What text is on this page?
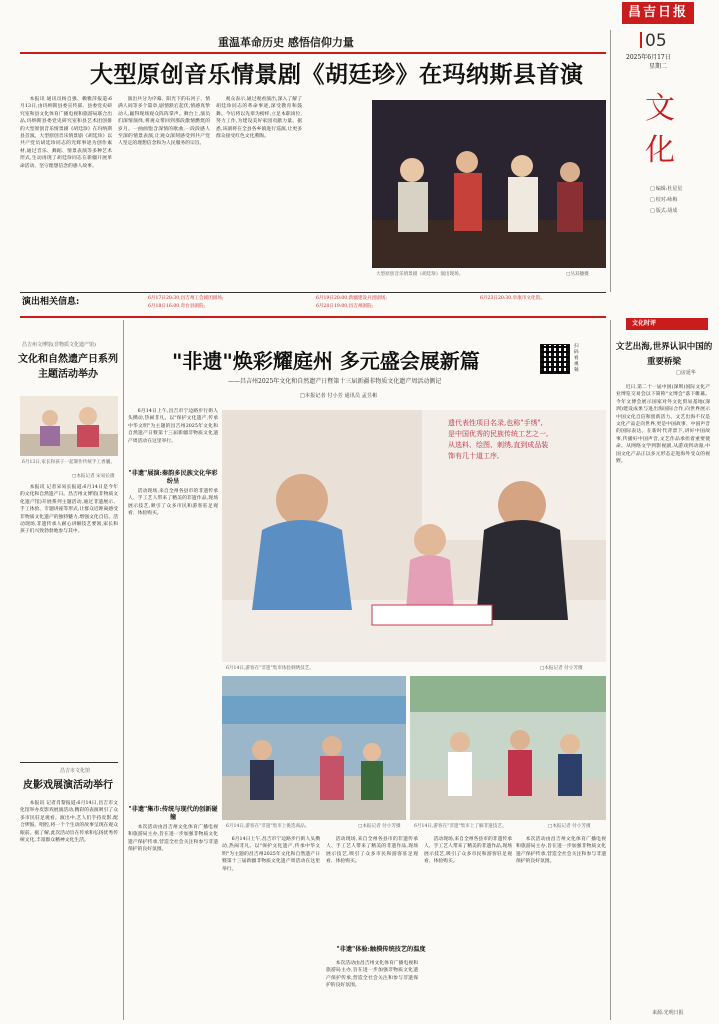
昌吉日报
05
2025年6月17日
星期二
文化
□ 编辑:杜星星
□ 校对:咏梅
□ 版式:胡成
重温革命历史 感悟信仰力量
大型原创音乐情景剧《胡廷珍》在玛纳斯县首演

本报讯 通讯员杨自强、赖雅萍报道:6月13日,由玛纳斯县委宣传部、县委党史研究室和县文化体育广播电视和旅游局联合出品,玛纳斯县委党史研究室和县艺术团创排的大型原创音乐情景剧《胡廷珍》在玛纳斯县首演。大型原创音乐情景剧《胡廷珍》以共产党员胡廷珍同志的光辉事迹为创作素材,通过音乐、舞蹈、情景表演等多种艺术形式,生动再现了胡廷珍同志在新疆开展革命活动、坚守理想信念的感人故事。

演出共分为序幕、阳光下的石河子、情满人间等多个篇章,剧情跌宕起伏,情感真挚动人,赢得现场观众阵阵掌声。舞台上,演员们深情演绎,将观众带回到那段激情燃烧的岁月。一曲曲饱含深情的歌曲,一段段感人至深的情景表演,让观众深刻感受到共产党人坚定的理想信念和为人民服务的宗旨。

观众表示,通过观看演出,深入了解了胡廷珍同志的革命事迹,深受教育和鼓舞。今后将以先辈为榜样,立足本职岗位,努力工作,为建设美好家园贡献力量。据悉,该剧将在全县各乡镇进行巡演,让更多群众接受红色文化熏陶。

大型原创音乐情景剧《胡廷珍》演出现场。	□丛双穗摄
演出相关信息:	6月17日20:30,昌吉州工会剧团剧场;
6月18日16:00,奇台县剧院;
6月19日20:00,新疆建设兵团剧场;
6月20日19:00,昌吉州剧院;
6月23日20:30,阜康市文化馆。
昌吉州文博馆(非物质文化遗产馆)
文化和自然遗产日系列主题活动举办
6月13日,家长和孩子一起制作传统手工香囊。
□本报记者 宋易长摄

本报讯 记者宋易长报道:6月14日是今年的文化和自然遗产日。昌吉州文博馆(非物质文化遗产馆)开展系列主题活动,通过非遗展示、手工体验、专题讲座等形式,让群众近距离感受非物质文化遗产的独特魅力,增强文化自信。活动现场,非遗传承人耐心讲解技艺要领,家长和孩子们兴致勃勃地参与其中。

昌吉市文化馆
皮影戏展演活动举行

本报讯 记者肖黎报道:6月14日,昌吉市文化馆举办皮影戏展演活动,精彩的表演吸引了众多市民驻足观看。演出中,艺人们手持皮影,配合锣鼓、唱腔,将一个个生动的故事呈现在观众眼前。据了解,此次活动旨在传承和弘扬优秀传统文化,丰富群众精神文化生活。

"非遗"焕彩耀庭州 多元盛会展新篇
扫码看视频
——昌吉州2025年文化和自然遗产日暨第十三届新疆非物质文化遗产周活动侧记
□本报记者 付小芳 通讯员 孟昱彬

6月14日上午,昌吉市宁边路步行街人头攒动,热闹非凡。以"保护文化遗产,传承中华文明"为主题的昌吉州2025年文化和自然遗产日暨第十三届新疆非物质文化遗产周活动在这里举行。

"非遗"展演:秦韵多民族文化华彩纷呈

活动现场,来自全州各县市的非遗传承人、手工艺人带来了精美的非遗作品,现场展示技艺,吸引了众多市民和游客驻足观看、体验购买。

"非遗"集市:传统与现代的创新碰撞

本次活动由昌吉州文化体育广播电视和旅游局主办,旨在进一步加强非物质文化遗产保护传承,营造全社会关注和参与非遗保护的良好氛围。

遗代表性项目名录,也称"手绣",
是中国优秀的民族传统工艺之一,
从选料、绘图、刺绣,直到成品装
饰有几十道工序,
6月14日,游客在"非遗"集市体验刺绣技艺。	□本报记者 付小芳摄
6月14日,游客在"非遗"集市上挑选商品。	□本报记者 付小芳摄	6月14日,游客在"非遗"集市上了解非遗技艺。	□本报记者 付小芳摄
"非遗"体验:触摸传统技艺的温度

6月14日上午,昌吉市宁边路步行街人头攒动,热闹非凡。以"保护文化遗产,传承中华文明"为主题的昌吉州2025年文化和自然遗产日暨第十三届新疆非物质文化遗产周活动在这里举行。

活动现场,来自全州各县市的非遗传承人、手工艺人带来了精美的非遗作品,现场展示技艺,吸引了众多市民和游客驻足观看、体验购买。

本次活动由昌吉州文化体育广播电视和旅游局主办,旨在进一步加强非物质文化遗产保护传承,营造全社会关注和参与非遗保护的良好氛围。

活动现场,来自全州各县市的非遗传承人、手工艺人带来了精美的非遗作品,现场展示技艺,吸引了众多市民和游客驻足观看、体验购买。

本次活动由昌吉州文化体育广播电视和旅游局主办,旨在进一步加强非物质文化遗产保护传承,营造全社会关注和参与非遗保护的良好氛围。

文化时评
文艺出海,世界认识中国的重要桥梁
□房延华

近日,第二十一届中国(深圳)国际文化产业博览交易会以下简称"文博会"落下帷幕。今年文博会展示国家对外文化贸易基地(深圳)建设成果与进出海国际合作,向世界展示中国文化自信和创新活力。文艺出海不仅是文化产品走向世界,更是中国故事、中国声音的国际表达。在新时代背景下,讲好中国故事,传播好中国声音,文艺作品承担着重要使命。从网络文学到影视剧,从游戏到动漫,中国文化产品正以多元形态走进海外受众的视野。

来源:光明日报
